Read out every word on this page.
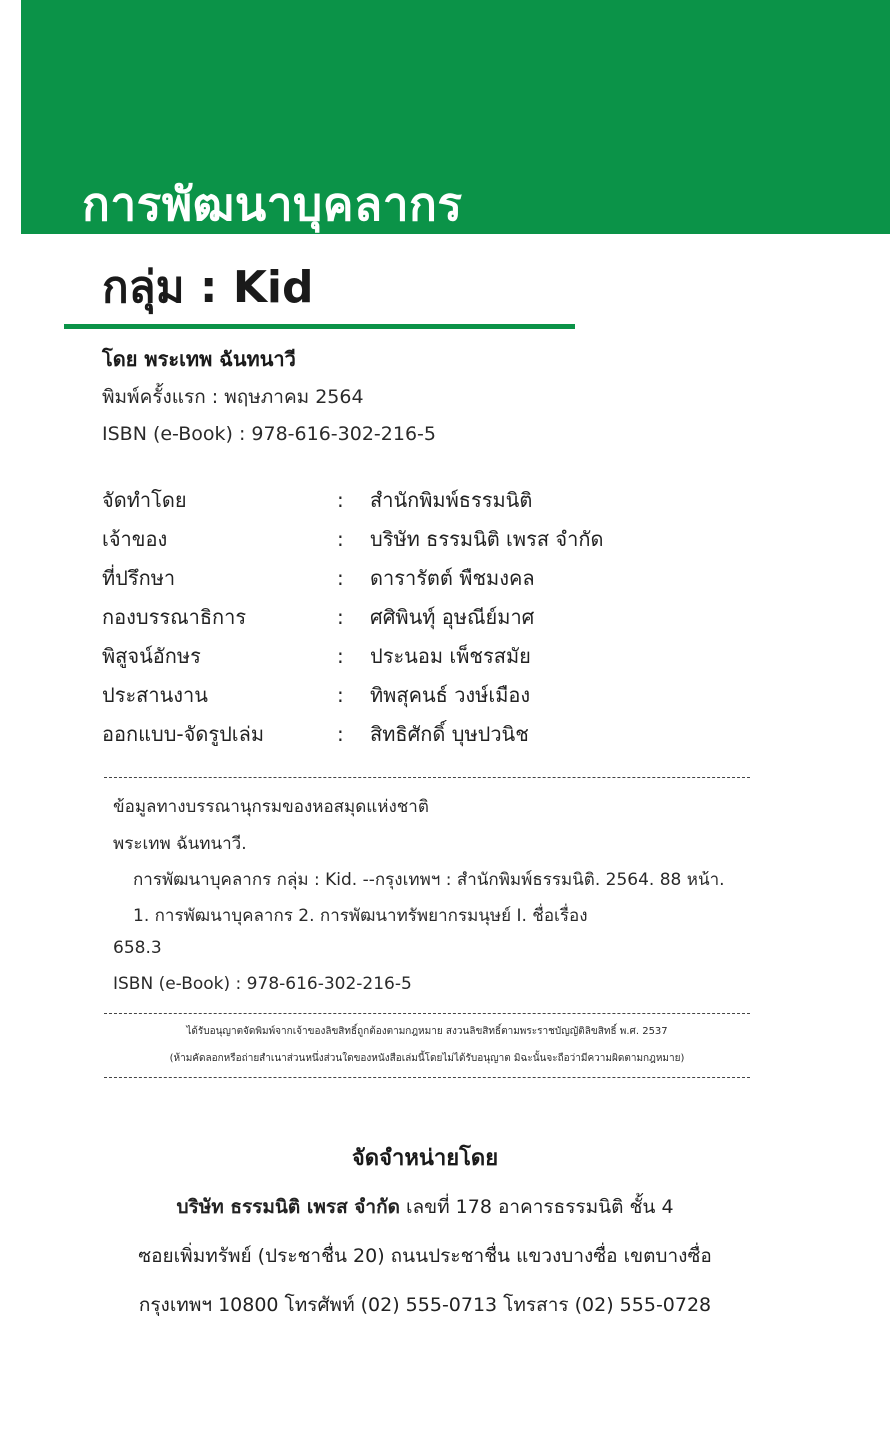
การพัฒนาบุคลากร
กลุ่ม : Kid
โดย พระเทพ ฉันทนาวี
พิมพ์ครั้งแรก : พฤษภาคม 2564
ISBN (e-Book) : 978-616-302-216-5
จัดทำโดย	:	สำนักพิมพ์ธรรมนิติ
เจ้าของ	:	บริษัท ธรรมนิติ เพรส จำกัด
ที่ปรึกษา	:	ดารารัตต์ พืชมงคล
กองบรรณาธิการ	:	ศศิพินทุ์ อุษณีย์มาศ
พิสูจน์อักษร	:	ประนอม เพ็ชรสมัย
ประสานงาน	:	ทิพสุคนธ์ วงษ์เมือง
ออกแบบ-จัดรูปเล่ม	:	สิทธิศักดิ์ บุษปวนิช
ข้อมูลทางบรรณานุกรมของหอสมุดแห่งชาติ
พระเทพ ฉันทนาวี.
การพัฒนาบุคลากร กลุ่ม : Kid. --กรุงเทพฯ : สำนักพิมพ์ธรรมนิติ. 2564. 88 หน้า.
1. การพัฒนาบุคลากร 2. การพัฒนาทรัพยากรมนุษย์ I. ชื่อเรื่อง
658.3
ISBN (e-Book) : 978-616-302-216-5
ได้รับอนุญาตจัดพิมพ์จากเจ้าของลิขสิทธิ์ถูกต้องตามกฎหมาย สงวนลิขสิทธิ์ตามพระราชบัญญัติลิขสิทธิ์ พ.ศ. 2537
(ห้ามคัดลอกหรือถ่ายสำเนาส่วนหนึ่งส่วนใดของหนังสือเล่มนี้โดยไม่ได้รับอนุญาต มิฉะนั้นจะถือว่ามีความผิดตามกฎหมาย)
จัดจำหน่ายโดย
บริษัท ธรรมนิติ เพรส จำกัด เลขที่ 178 อาคารธรรมนิติ ชั้น 4
ซอยเพิ่มทรัพย์ (ประชาชื่น 20) ถนนประชาชื่น แขวงบางซื่อ เขตบางซื่อ
กรุงเทพฯ 10800 โทรศัพท์ (02) 555-0713 โทรสาร (02) 555-0728
